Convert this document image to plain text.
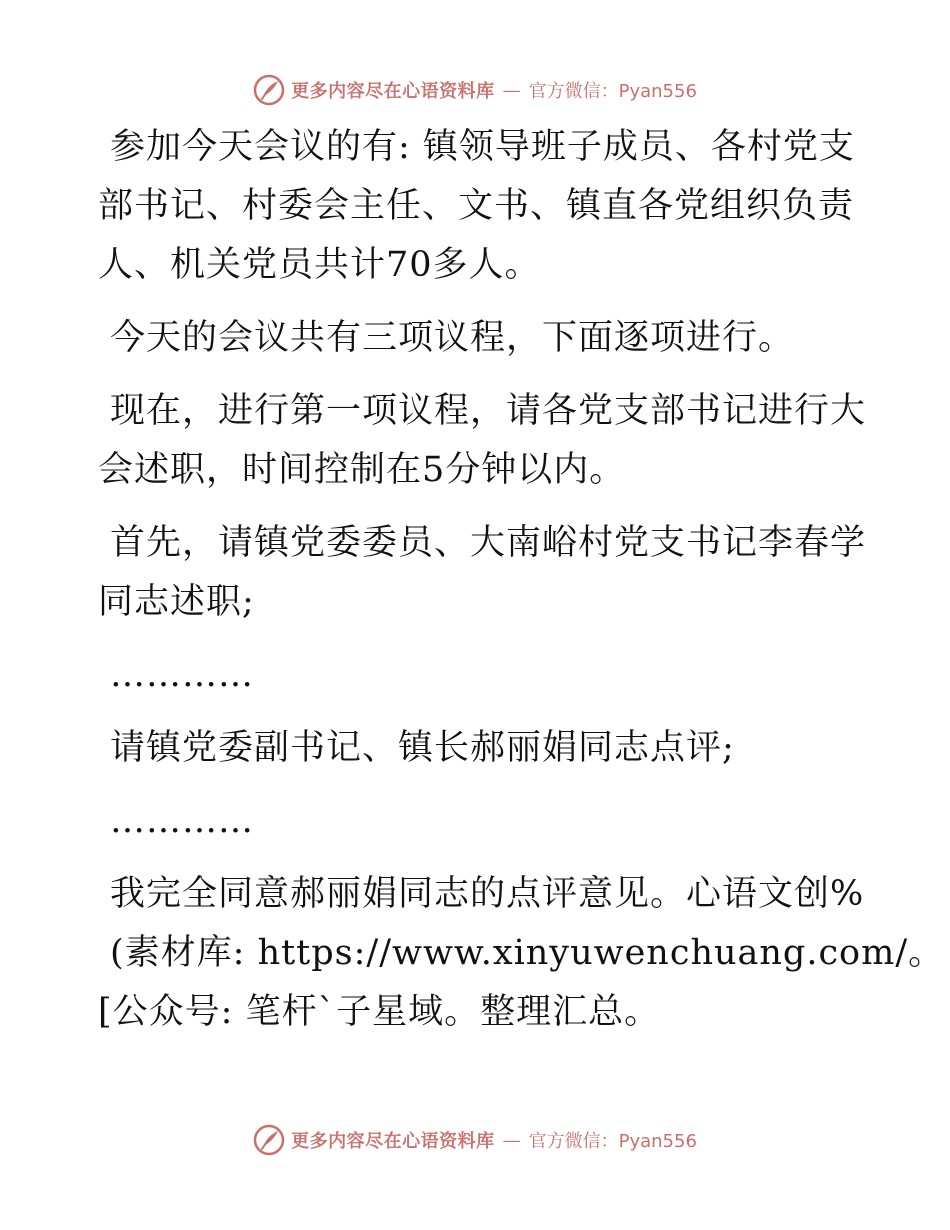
更多内容尽在心语资料库 — 官方微信：Pyan556

参加今天会议的有: 镇领导班子成员、各村党支
部书记、村委会主任、文书、镇直各党组织负责
人、机关党员共计70多人。

今天的会议共有三项议程，下面逐项进行。

现在，进行第一项议程，请各党支部书记进行大
会述职，时间控制在5分钟以内。

首先，请镇党委委员、大南峪村党支书记李春学
同志述职;

…………

请镇党委副书记、镇长郝丽娟同志点评;

…………

我完全同意郝丽娟同志的点评意见。心语文创%
(素材库: https://www.xinyuwenchuang.com/。
[公众号: 笔杆`子星域。整理汇总。

更多内容尽在心语资料库 — 官方微信：Pyan556
